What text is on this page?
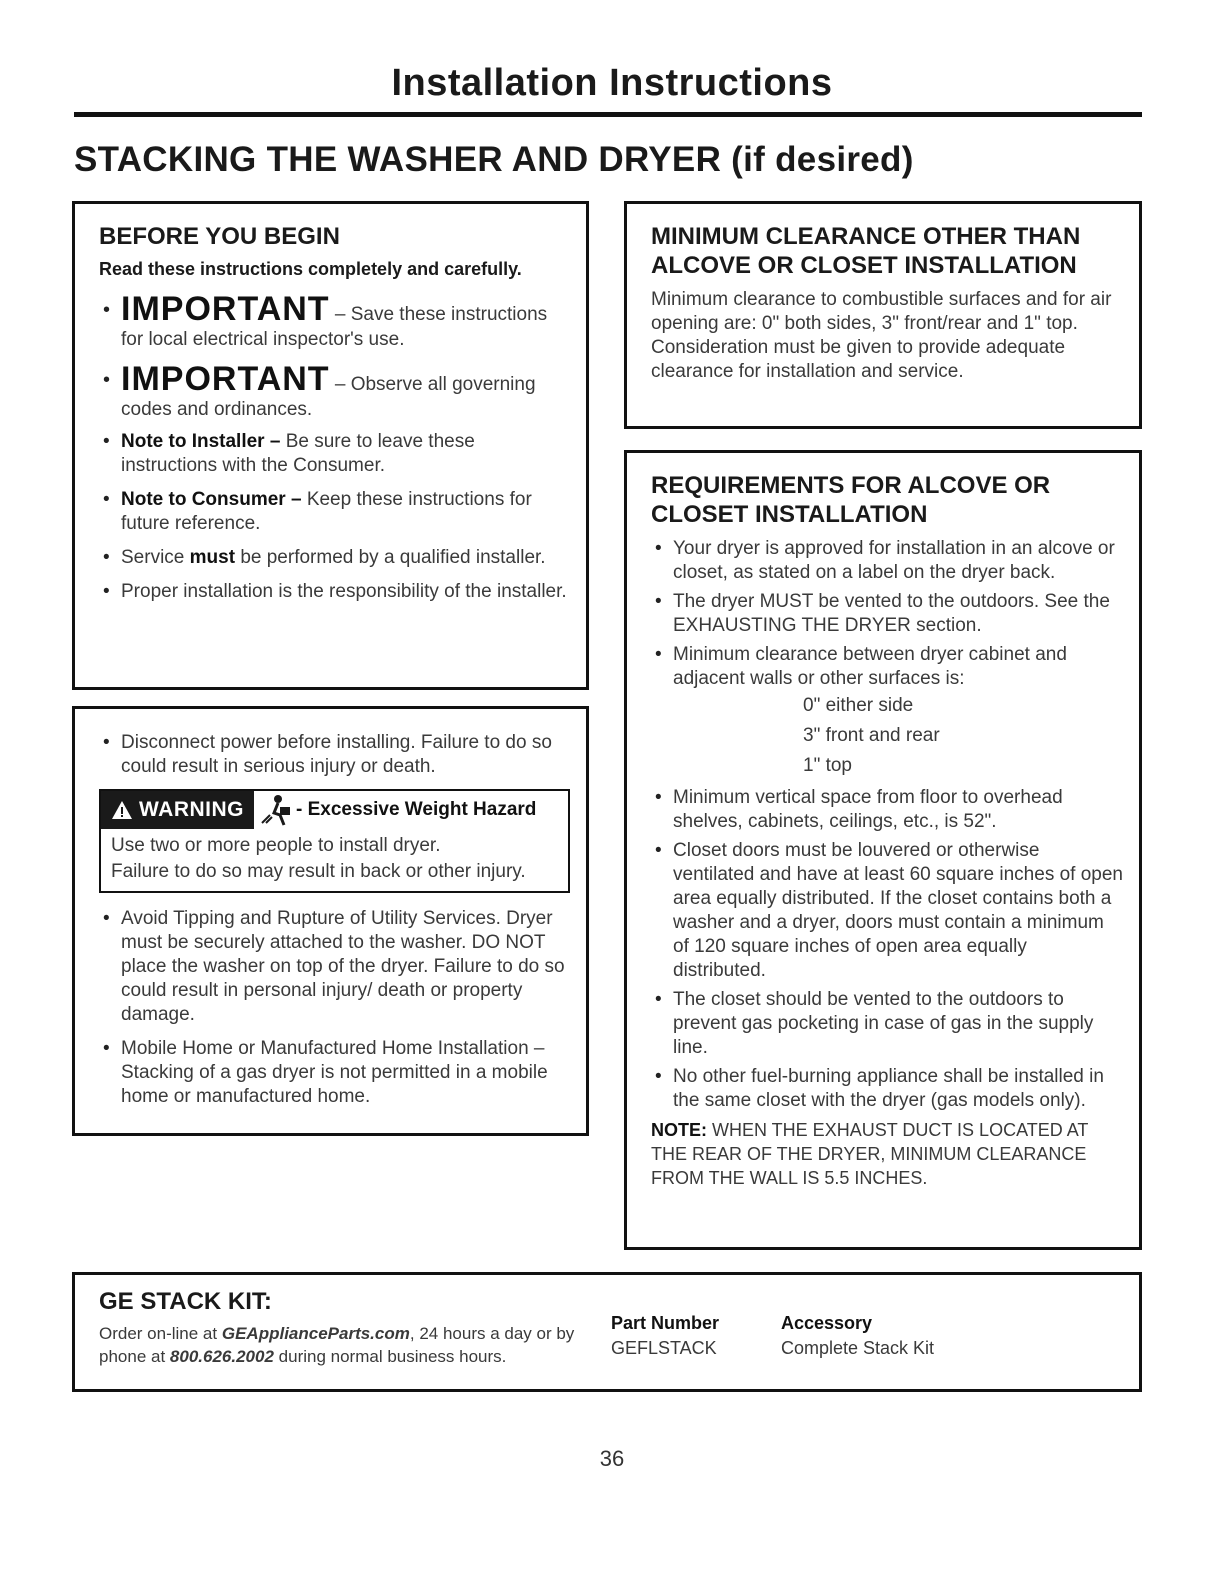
Installation Instructions
STACKING THE WASHER AND DRYER (if desired)
BEFORE YOU BEGIN
Read these instructions completely and carefully.
• IMPORTANT – Save these instructions for local electrical inspector's use.
• IMPORTANT – Observe all governing codes and ordinances.
• Note to Installer – Be sure to leave these instructions with the Consumer.
• Note to Consumer – Keep these instructions for future reference.
• Service must be performed by a qualified installer.
• Proper installation is the responsibility of the installer.
• Disconnect power before installing. Failure to do so could result in serious injury or death.
WARNING	- Excessive Weight Hazard
Use two or more people to install dryer.
Failure to do so may result in back or other injury.
• Avoid Tipping and Rupture of Utility Services. Dryer must be securely attached to the washer. DO NOT place the washer on top of the dryer. Failure to do so could result in personal injury/ death or property damage.
• Mobile Home or Manufactured Home Installation – Stacking of a gas dryer is not permitted in a mobile home or manufactured home.
MINIMUM CLEARANCE OTHER THAN ALCOVE OR CLOSET INSTALLATION
Minimum clearance to combustible surfaces and for air opening are: 0" both sides, 3" front/rear and 1" top. Consideration must be given to provide adequate clearance for installation and service.
REQUIREMENTS FOR ALCOVE OR CLOSET INSTALLATION
• Your dryer is approved for installation in an alcove or closet, as stated on a label on the dryer back.
• The dryer MUST be vented to the outdoors. See the EXHAUSTING THE DRYER section.
• Minimum clearance between dryer cabinet and adjacent walls or other surfaces is:
0" either side
3" front and rear
1" top
• Minimum vertical space from floor to overhead shelves, cabinets, ceilings, etc., is 52".
• Closet doors must be louvered or otherwise ventilated and have at least 60 square inches of open area equally distributed. If the closet contains both a washer and a dryer, doors must contain a minimum of 120 square inches of open area equally distributed.
• The closet should be vented to the outdoors to prevent gas pocketing in case of gas in the supply line.
• No other fuel-burning appliance shall be installed in the same closet with the dryer (gas models only).
NOTE: WHEN THE EXHAUST DUCT IS LOCATED AT THE REAR OF THE DRYER, MINIMUM CLEARANCE FROM THE WALL IS 5.5 INCHES.
GE STACK KIT:
Order on-line at GEApplianceParts.com, 24 hours a day or by phone at 800.626.2002 during normal business hours.
Part Number
GEFLSTACK
Accessory
Complete Stack Kit
36
